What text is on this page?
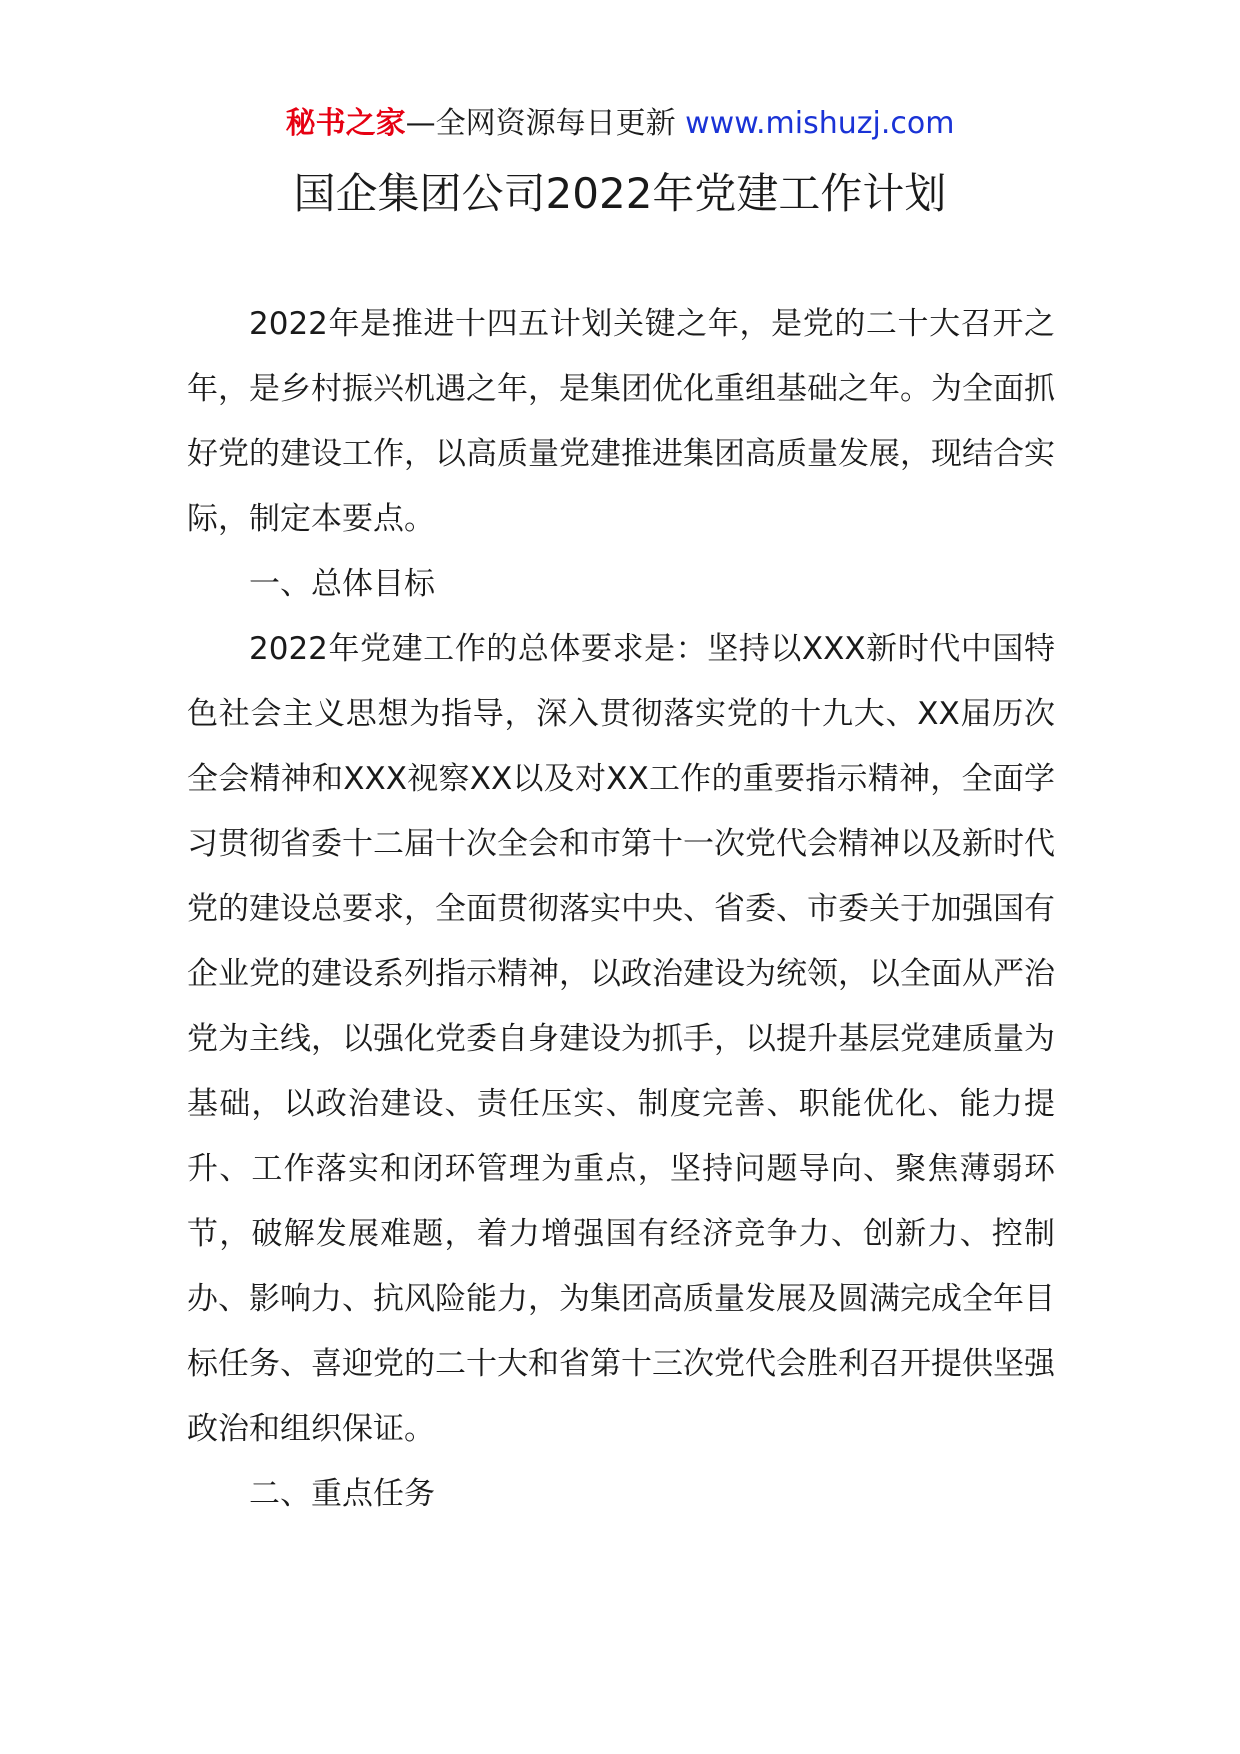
秘书之家—全网资源每日更新 www.mishuzj.com
国企集团公司2022年党建工作计划

2022年是推进十四五计划关键之年，是党的二十大召开之年，是乡村振兴机遇之年，是集团优化重组基础之年。为全面抓好党的建设工作，以高质量党建推进集团高质量发展，现结合实际，制定本要点。

一、总体目标

2022年党建工作的总体要求是：坚持以XXX新时代中国特色社会主义思想为指导，深入贯彻落实党的十九大、XX届历次全会精神和XXX视察XX以及对XX工作的重要指示精神，全面学习贯彻省委十二届十次全会和市第十一次党代会精神以及新时代党的建设总要求，全面贯彻落实中央、省委、市委关于加强国有企业党的建设系列指示精神，以政治建设为统领，以全面从严治党为主线，以强化党委自身建设为抓手，以提升基层党建质量为基础，以政治建设、责任压实、制度完善、职能优化、能力提升、工作落实和闭环管理为重点，坚持问题导向、聚焦薄弱环节，破解发展难题，着力增强国有经济竞争力、创新力、控制办、影响力、抗风险能力，为集团高质量发展及圆满完成全年目标任务、喜迎党的二十大和省第十三次党代会胜利召开提供坚强政治和组织保证。

二、重点任务
